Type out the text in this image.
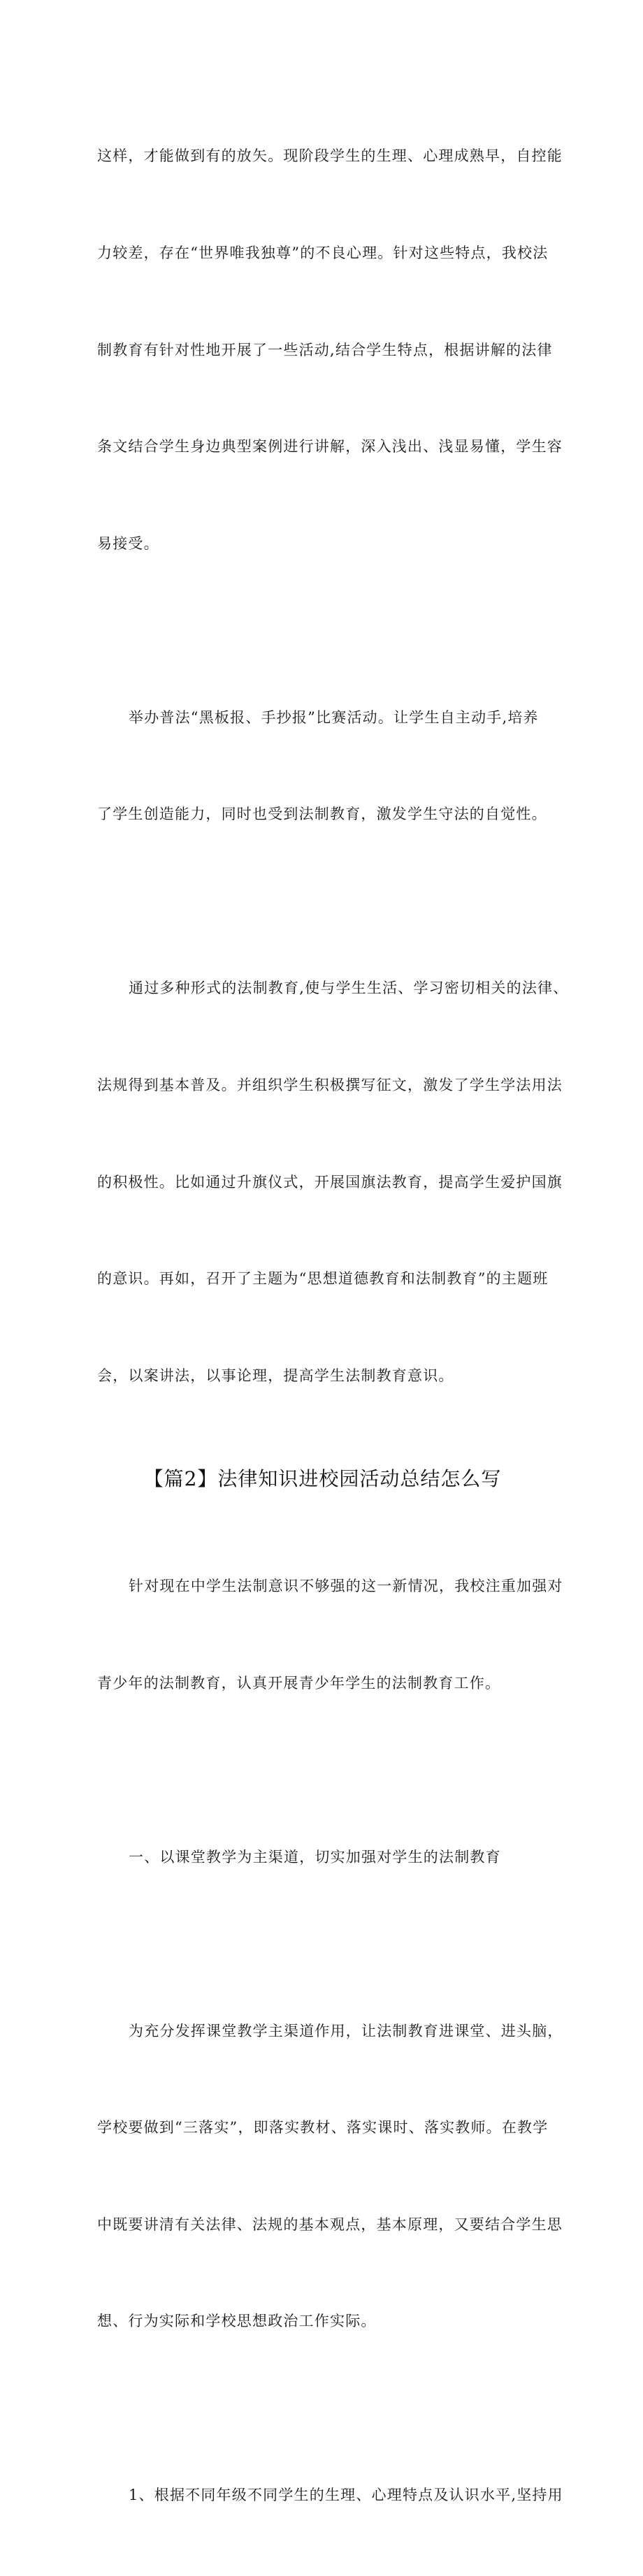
这样，才能做到有的放矢。现阶段学生的生理、心理成熟早，自控能

力较差，存在“世界唯我独尊”的不良心理。针对这些特点，我校法

制教育有针对性地开展了一些活动,结合学生特点，根据讲解的法律

条文结合学生身边典型案例进行讲解，深入浅出、浅显易懂，学生容

易接受。

举办普法“黑板报、手抄报”比赛活动。让学生自主动手,培养

了学生创造能力，同时也受到法制教育，激发学生守法的自觉性。

通过多种形式的法制教育,使与学生生活、学习密切相关的法律、

法规得到基本普及。并组织学生积极撰写征文，激发了学生学法用法

的积极性。比如通过升旗仪式，开展国旗法教育，提高学生爱护国旗

的意识。再如，召开了主题为“思想道德教育和法制教育”的主题班

会，以案讲法，以事论理，提高学生法制教育意识。

【篇2】法律知识进校园活动总结怎么写

针对现在中学生法制意识不够强的这一新情况，我校注重加强对

青少年的法制教育，认真开展青少年学生的法制教育工作。

一、以课堂教学为主渠道，切实加强对学生的法制教育

为充分发挥课堂教学主渠道作用，让法制教育进课堂、进头脑，

学校要做到“三落实”，即落实教材、落实课时、落实教师。在教学

中既要讲清有关法律、法规的基本观点，基本原理，又要结合学生思

想、行为实际和学校思想政治工作实际。

1、根据不同年级不同学生的生理、心理特点及认识水平,坚持用
